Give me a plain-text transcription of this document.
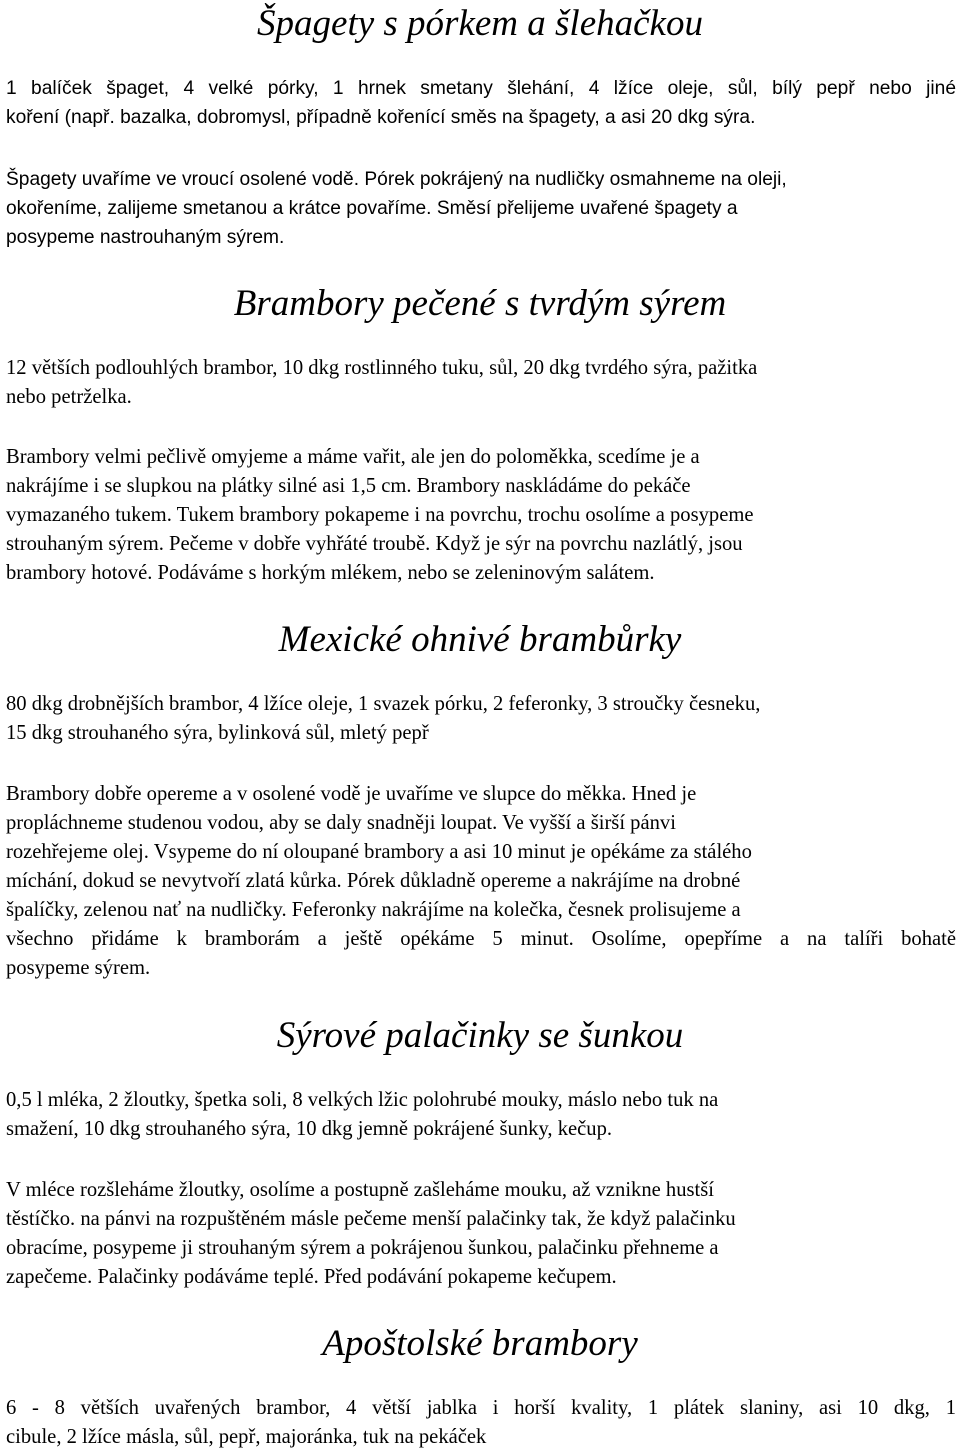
Špagety s pórkem a šlehačkou

1 balíček špaget, 4 velké pórky, 1 hrnek smetany šlehání, 4 lžíce oleje, sůl, bílý pepř nebo jiné
koření (např. bazalka, dobromysl, případně kořenící směs na špagety, a asi 20 dkg sýra.

Špagety uvaříme ve vroucí osolené vodě. Pórek pokrájený na nudličky osmahneme na oleji,
okořeníme, zalijeme smetanou a krátce povaříme. Směsí přelijeme uvařené špagety a
posypeme nastrouhaným sýrem.

Brambory pečené s tvrdým sýrem

12 větších podlouhlých brambor, 10 dkg rostlinného tuku, sůl, 20 dkg tvrdého sýra, pažitka
nebo petrželka.

Brambory velmi pečlivě omyjeme a máme vařit, ale jen do poloměkka, scedíme je a
nakrájíme i se slupkou na plátky silné asi 1,5 cm. Brambory naskládáme do pekáče
vymazaného tukem. Tukem brambory pokapeme i na povrchu, trochu osolíme a posypeme
strouhaným sýrem. Pečeme v dobře vyhřáté troubě. Když je sýr na povrchu nazlátlý, jsou
brambory hotové. Podáváme s horkým mlékem, nebo se zeleninovým salátem.

Mexické ohnivé brambůrky

80 dkg drobnějších brambor, 4 lžíce oleje, 1 svazek pórku, 2 feferonky, 3 stroučky česneku,
15 dkg strouhaného sýra, bylinková sůl, mletý pepř

Brambory dobře opereme a v osolené vodě je uvaříme ve slupce do měkka. Hned je
propláchneme studenou vodou, aby se daly snadněji loupat. Ve vyšší a širší pánvi
rozehřejeme olej. Vsypeme do ní oloupané brambory a asi 10 minut je opékáme za stálého
míchání, dokud se nevytvoří zlatá kůrka. Pórek důkladně opereme a nakrájíme na drobné
špalíčky, zelenou nať na nudličky. Feferonky nakrájíme na kolečka, česnek prolisujeme a
všechno přidáme k bramborám a ještě opékáme 5 minut. Osolíme, opepříme a na talíři bohatě
posypeme sýrem.

Sýrové palačinky se šunkou

0,5 l mléka, 2 žloutky, špetka soli, 8 velkých lžic polohrubé mouky, máslo nebo tuk na
smažení, 10 dkg strouhaného sýra, 10 dkg jemně pokrájené šunky, kečup.

V mléce rozšleháme žloutky, osolíme a postupně zašleháme mouku, až vznikne hustší
těstíčko. na pánvi na rozpuštěném másle pečeme menší palačinky tak, že když palačinku
obracíme, posypeme ji strouhaným sýrem a pokrájenou šunkou, palačinku přehneme a
zapečeme. Palačinky podáváme teplé. Před podávání pokapeme kečupem.

Apoštolské brambory

6 - 8 větších uvařených brambor, 4 větší jablka i horší kvality, 1 plátek slaniny, asi 10 dkg, 1
cibule, 2 lžíce másla, sůl, pepř, majoránka, tuk na pekáček
